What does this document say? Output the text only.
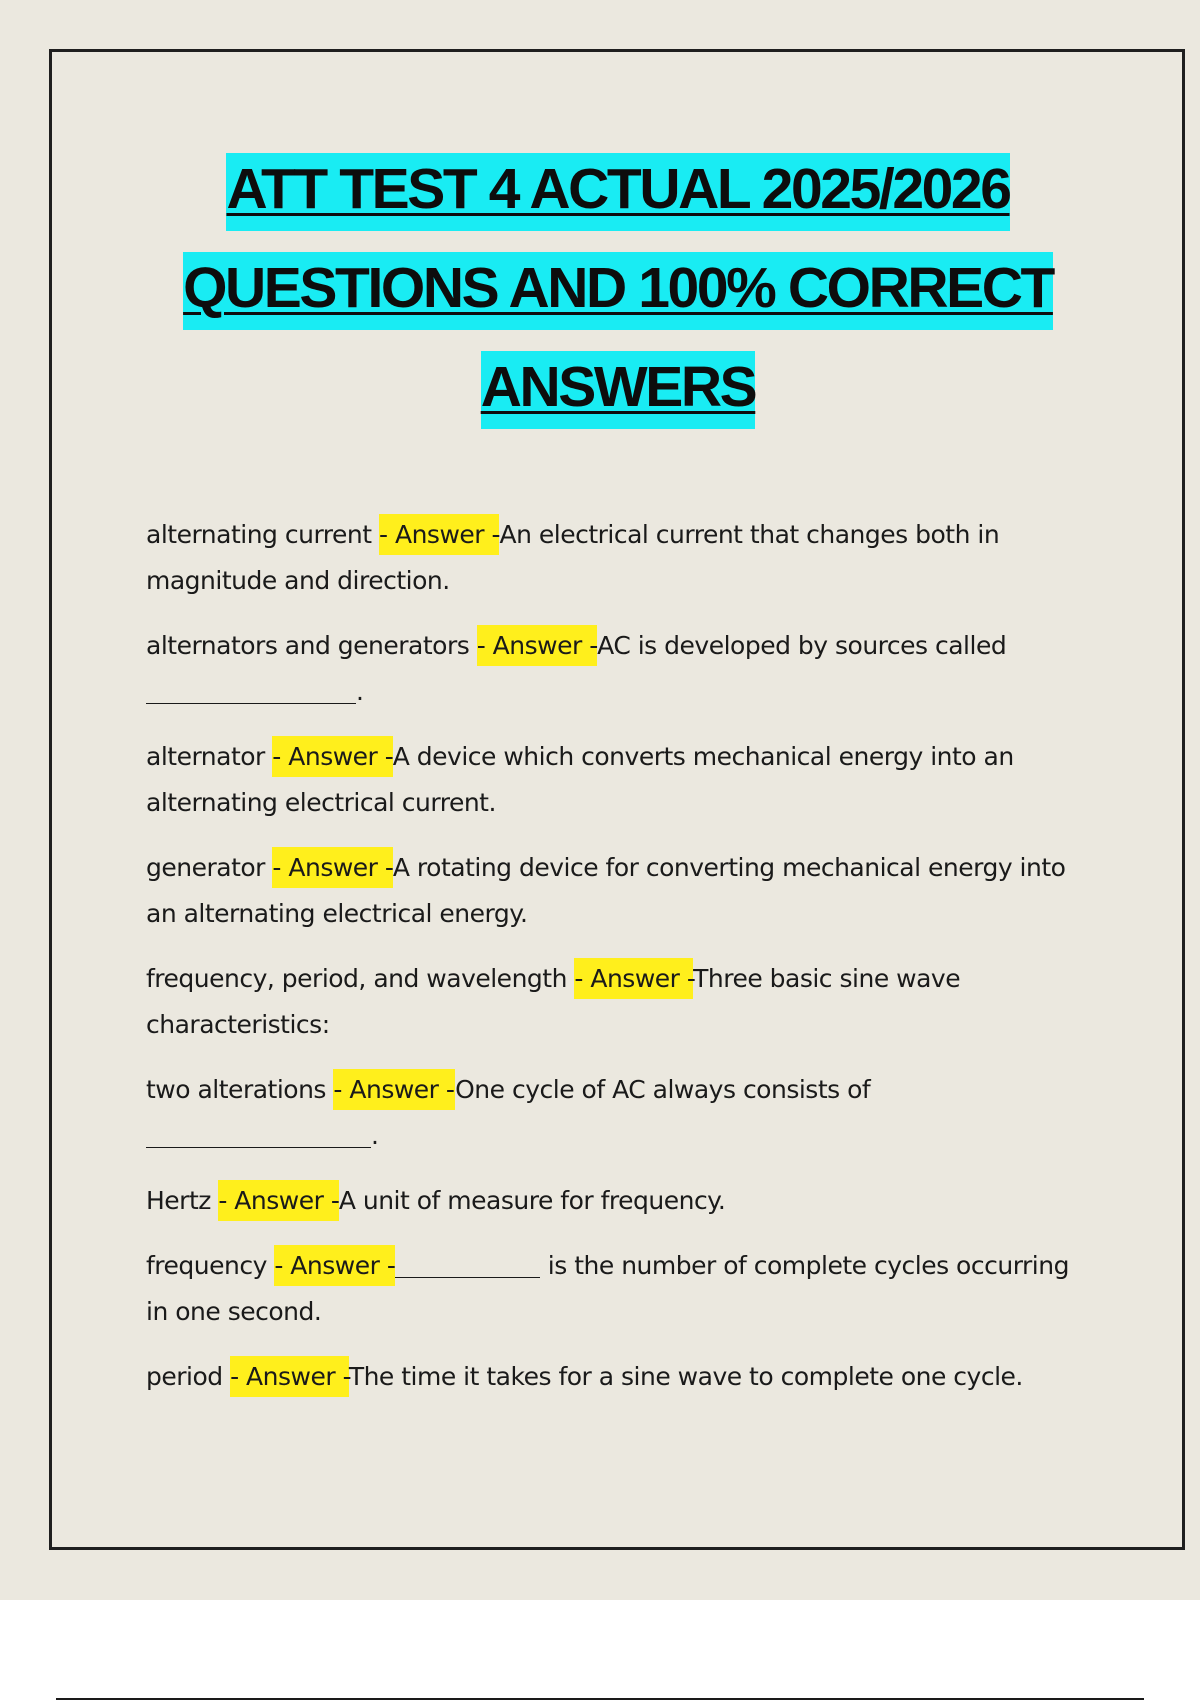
ATT TEST 4 ACTUAL 2025/2026
QUESTIONS AND 100% CORRECT
ANSWERS
alternating current - Answer -An electrical current that changes both in magnitude and direction.
alternators and generators - Answer -AC is developed by sources called
.
alternator - Answer -A device which converts mechanical energy into an alternating electrical current.
generator - Answer -A rotating device for converting mechanical energy into an alternating electrical energy.
frequency, period, and wavelength - Answer -Three basic sine wave characteristics:
two alterations - Answer -One cycle of AC always consists of
.
Hertz - Answer -A unit of measure for frequency.
frequency - Answer -	is the number of complete cycles occurring in one second.
period - Answer -The time it takes for a sine wave to complete one cycle.
